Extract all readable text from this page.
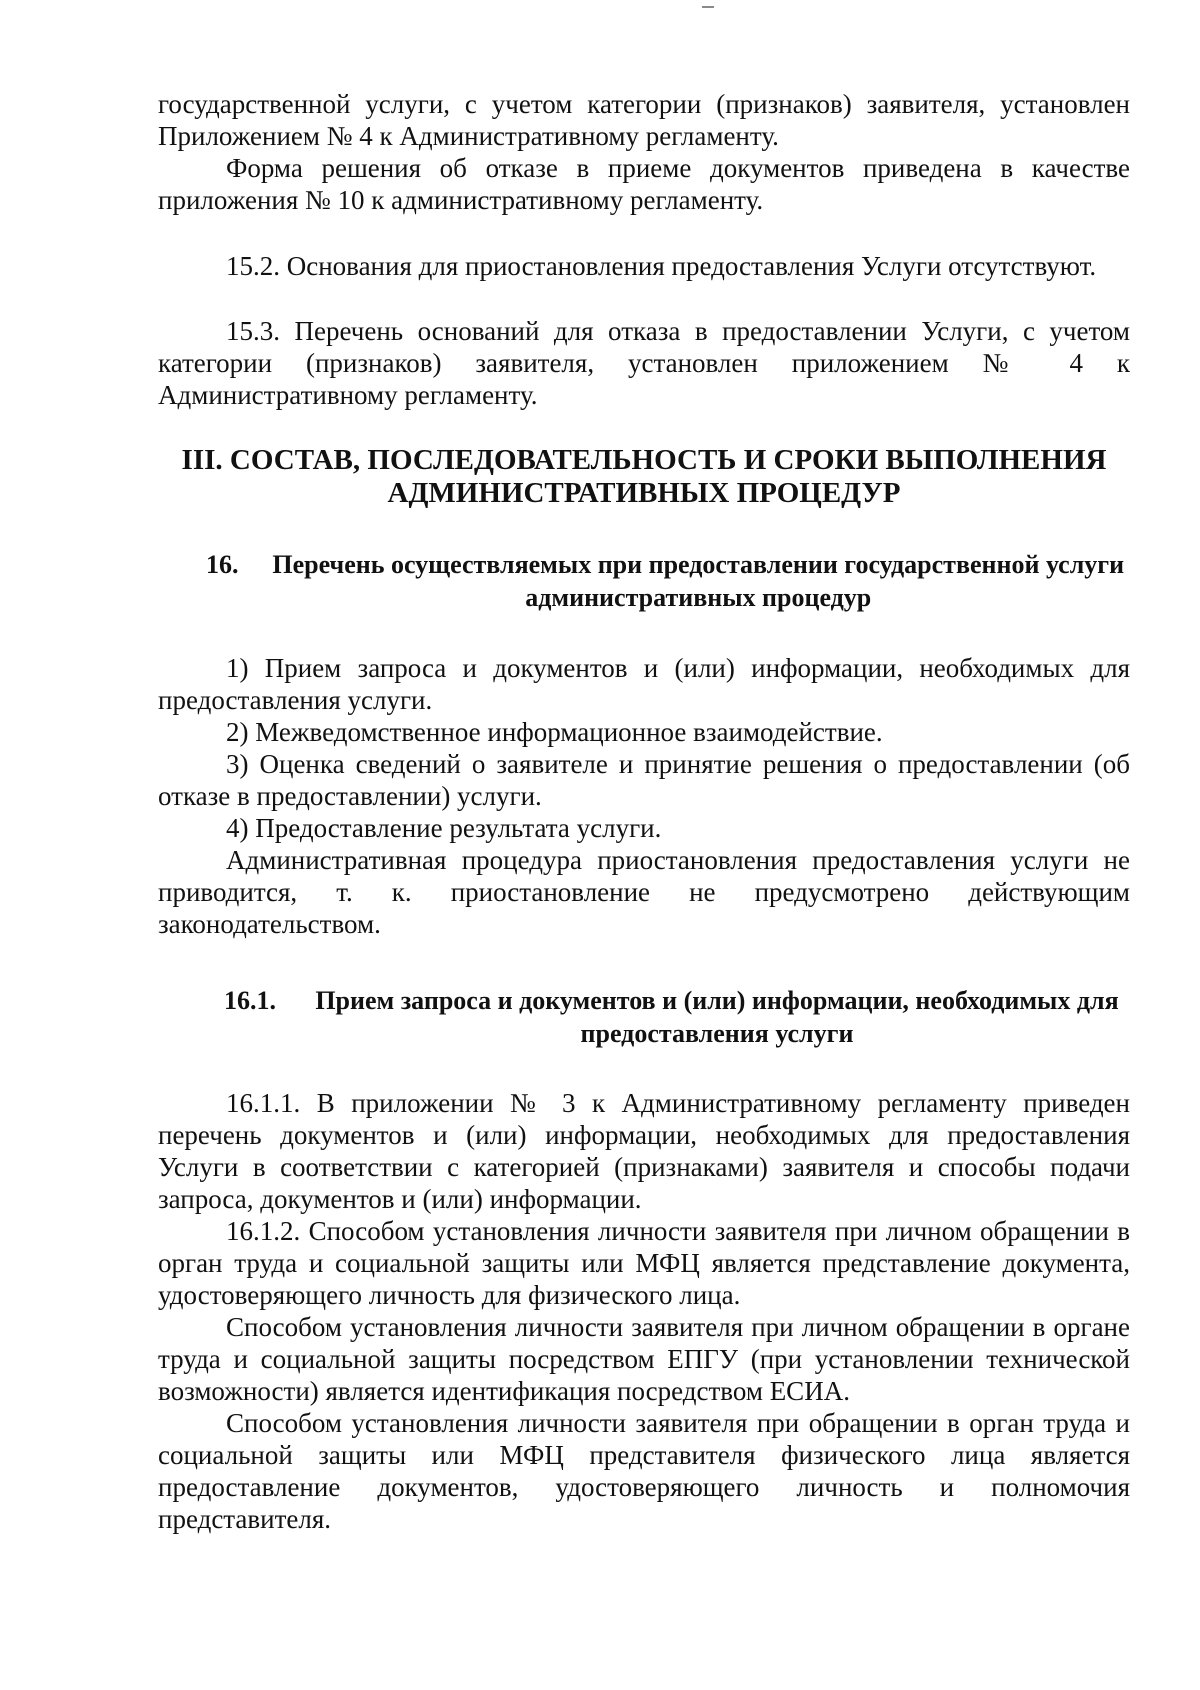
государственной услуги, с учетом категории (признаков) заявителя, установлен Приложением № 4 к Административному регламенту.

Форма решения об отказе в приеме документов приведена в качестве приложения № 10 к административному регламенту.

15.2. Основания для приостановления предоставления Услуги отсутствуют.

15.3. Перечень оснований для отказа в предоставлении Услуги, с учетом категории (признаков) заявителя, установлен приложением № 4 к Административному регламенту.

III. СОСТАВ, ПОСЛЕДОВАТЕЛЬНОСТЬ И СРОКИ ВЫПОЛНЕНИЯ АДМИНИСТРАТИВНЫХ ПРОЦЕДУР
16. Перечень осуществляемых при предоставлении государственной услуги административных процедур

1) Прием запроса и документов и (или) информации, необходимых для предоставления услуги.

2) Межведомственное информационное взаимодействие.

3) Оценка сведений о заявителе и принятие решения о предоставлении (об отказе в предоставлении) услуги.

4) Предоставление результата услуги.

Административная процедура приостановления предоставления услуги не приводится, т. к. приостановление не предусмотрено действующим законодательством.

16.1.	Прием запроса и документов и (или) информации, необходимых для предоставления услуги

16.1.1. В приложении № 3 к Административному регламенту приведен перечень документов и (или) информации, необходимых для предоставления Услуги в соответствии с категорией (признаками) заявителя и способы подачи запроса, документов и (или) информации.

16.1.2. Способом установления личности заявителя при личном обращении в орган труда и социальной защиты или МФЦ является представление документа, удостоверяющего личность для физического лица.

Способом установления личности заявителя при личном обращении в органе труда и социальной защиты посредством ЕПГУ (при установлении технической возможности) является идентификация посредством ЕСИА.

Способом установления личности заявителя при обращении в орган труда и социальной защиты или МФЦ представителя физического лица является предоставление документов, удостоверяющего личность и полномочия представителя.
